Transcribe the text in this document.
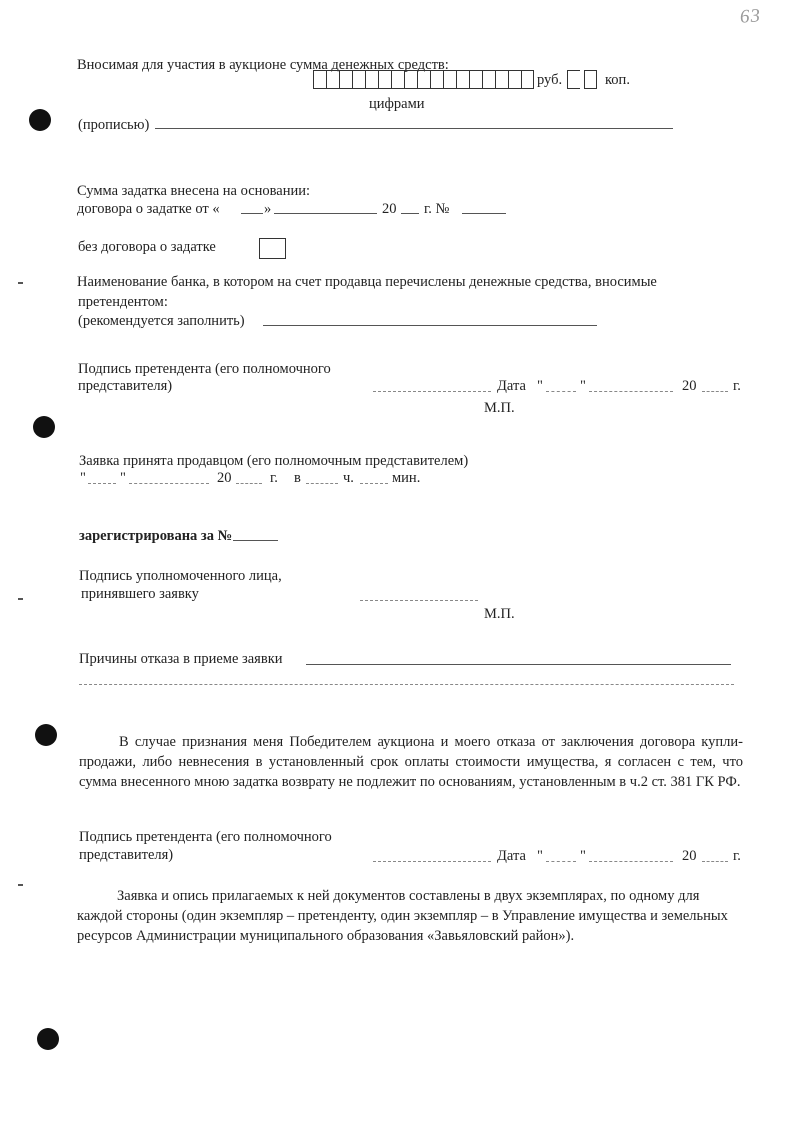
63
Вносимая для участия в аукционе сумма денежных средств:
руб.	коп.
цифрами
(прописью)
Сумма задатка внесена на основании:
договора о задатке от «	»	20 г. №
без договора о задатке
Наименование банка, в котором на счет продавца перечислены денежные средства, вносимые
претендентом:
(рекомендуется заполнить)
Подпись претендента (его полномочного
представителя)	Дата "	"	20	г.
М.П.
Заявка принята продавцом (его полномочным представителем)
" "	20	г. в	ч.	мин.
зарегистрирована за №
Подпись уполномоченного лица,
принявшего заявку
М.П.
Причины отказа в приеме заявки
В случае признания меня Победителем аукциона и моего отказа от заключения договора купли-продажи, либо невнесения в установленный срок оплаты стоимости имущества, я согласен с тем, что сумма внесенного мною задатка возврату не подлежит по основаниям, установленным в ч.2 ст. 381 ГК РФ.
Подпись претендента (его полномочного
представителя)	Дата "	"	20	г.
Заявка и опись прилагаемых к ней документов составлены в двух экземплярах, по одному для каждой стороны (один экземпляр – претенденту, один экземпляр – в Управление имущества и земельных ресурсов Администрации муниципального образования «Завьяловский район»).
